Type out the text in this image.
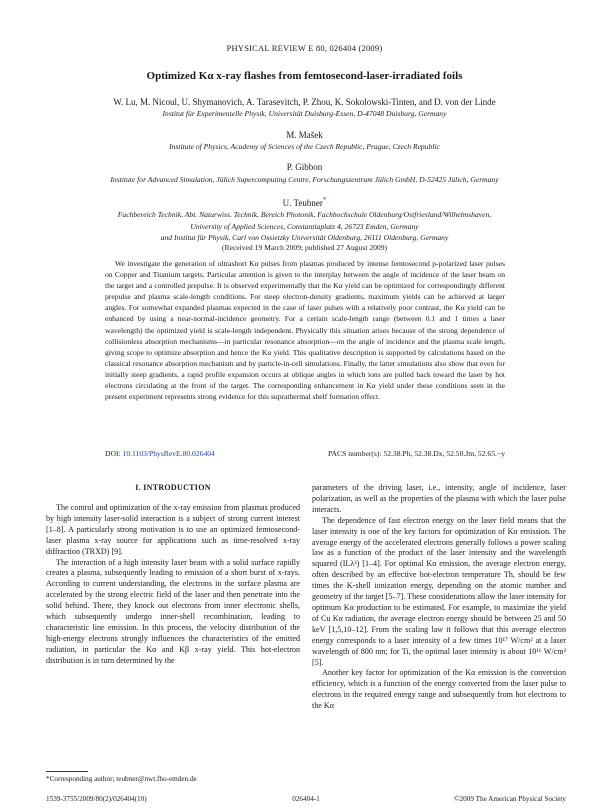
PHYSICAL REVIEW E 80, 026404 (2009)
Optimized Kα x-ray flashes from femtosecond-laser-irradiated foils
W. Lu, M. Nicoul, U. Shymanovich, A. Tarasevitch, P. Zhou, K. Sokolowski-Tinten, and D. von der Linde
Institut für Experimentelle Physik, Universität Duisburg-Essen, D-47048 Duisburg, Germany
M. Mašek
Institute of Physics, Academy of Sciences of the Czech Republic, Prague, Czech Republic
P. Gibbon
Institute for Advanced Simulation, Jülich Supercomputing Centre, Forschungszentrum Jülich GmbH, D-52425 Jülich, Germany
U. Teubner*
Fachbereich Technik, Abt. Naturwiss. Technik, Bereich Photonik, Fachhochschule Oldenburg/Ostfriesland/Wilhelmshaven,
University of Applied Sciences, Constantiaplatz 4, 26723 Emden, Germany
and Institut für Physik, Carl von Ossietzky Universität Oldenburg, 26111 Oldenburg, Germany
(Received 19 March 2009; published 27 August 2009)

We investigate the generation of ultrashort Kα pulses from plasmas produced by intense femtosecond p-polarized laser pulses on Copper and Titanium targets. Particular attention is given to the interplay between the angle of incidence of the laser beam on the target and a controlled prepulse. It is observed experimentally that the Kα yield can be optimized for correspondingly different prepulse and plasma scale-length conditions. For steep electron-density gradients, maximum yields can be achieved at larger angles. For somewhat expanded plasmas expected in the case of laser pulses with a relatively poor contrast, the Kα yield can be enhanced by using a near-normal-incidence geometry. For a certain scale-length range (between 0.1 and 1 times a laser wavelength) the optimized yield is scale-length independent. Physically this situation arises because of the strong dependence of collisionless absorption mechanisms—in particular resonance absorption—on the angle of incidence and the plasma scale length, giving scope to optimize absorption and hence the Kα yield. This qualitative description is supported by calculations based on the classical resonance absorption mechanism and by particle-in-cell simulations. Finally, the latter simulations also show that even for initially steep gradients, a rapid profile expansion occurs at oblique angles in which ions are pulled back toward the laser by hot electrons circulating at the front of the target. The corresponding enhancement in Kα yield under these conditions seen in the present experiment represents strong evidence for this suprathermal shelf formation effect.

DOI: 10.1103/PhysRevE.80.026404	PACS number(s): 52.38.Ph, 52.38.Dx, 52.50.Jm, 52.65.−y
I. INTRODUCTION

The control and optimization of the x-ray emission from plasmas produced by high intensity laser-solid interaction is a subject of strong current interest [1–8]. A particularly strong motivation is to use an optimized femtosecond-laser plasma x-ray source for applications such as time-resolved x-ray diffraction (TRXD) [9].

The interaction of a high intensity laser beam with a solid surface rapidly creates a plasma, subsequently leading to emission of a short burst of x-rays. According to current understanding, the electrons in the surface plasma are accelerated by the strong electric field of the laser and then penetrate into the solid behind. There, they knock out electrons from inner electronic shells, which subsequently undergo inner-shell recombination, leading to characteristic line emission. In this process, the velocity distribution of the high-energy electrons strongly influences the characteristics of the emitted radiation, in particular the Kα and Kβ x-ray yield. This hot-electron distribution is in turn determined by the

parameters of the driving laser, i.e., intensity, angle of incidence, laser polarization, as well as the properties of the plasma with which the laser pulse interacts.

The dependence of fast electron energy on the laser field means that the laser intensity is one of the key factors for optimization of Kα emission. The average energy of the accelerated electrons generally follows a power scaling law as a function of the product of the laser intensity and the wavelength squared (ILλ²) [1–4]. For optimal Kα emission, the average electron energy, often described by an effective hot-electron temperature Th, should be few times the K-shell ionization energy, depending on the atomic number and geometry of the target [5–7]. These considerations allow the laser intensity for optimum Kα production to be estimated. For example, to maximize the yield of Cu Kα radiation, the average electron energy should be between 25 and 50 keV [1,5,10–12]. From the scaling law it follows that this average electron energy corresponds to a laser intensity of a few times 10¹⁷ W/cm² at a laser wavelength of 800 nm; for Ti, the optimal laser intensity is about 10¹⁶ W/cm² [5].

Another key factor for optimization of the Kα emission is the conversion efficiency, which is a function of the energy converted from the laser pulse to electrons in the required energy range and subsequently from hot electrons to the Kα

*Corresponding author; teubner@nwt.fho-emden.de
1539-3755/2009/80(2)/026404(10)	026404-1	©2009 The American Physical Society
